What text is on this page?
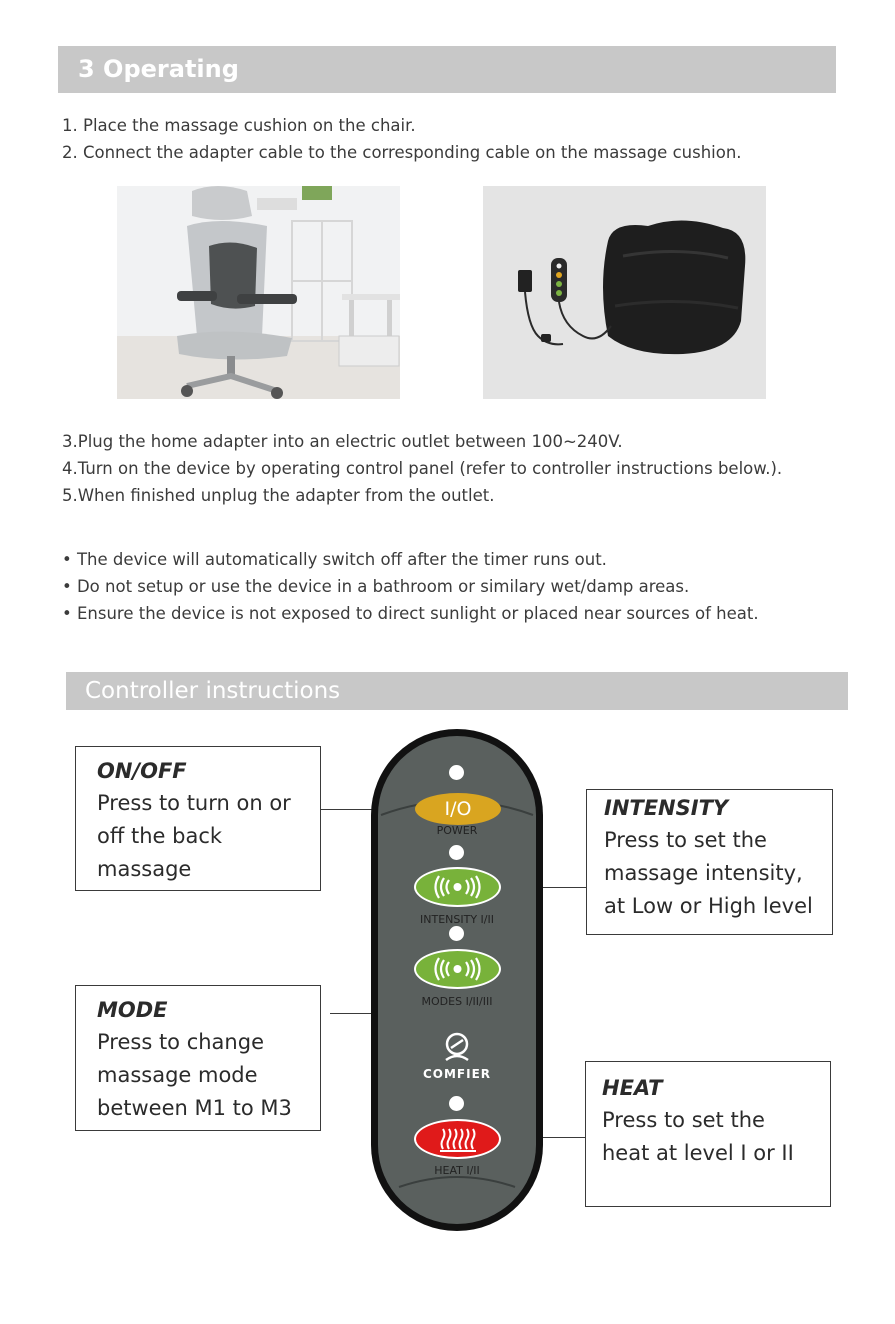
3 Operating
1. Place the massage cushion on the chair.
2. Connect the adapter cable to the corresponding cable on the massage cushion.
3.Plug the home adapter into an electric outlet between 100~240V.
4.Turn on the device by operating control panel (refer to controller instructions below.).
5.When finished unplug the adapter from the outlet.
• The device will automatically switch off after the timer runs out.
• Do not setup or use the device in a bathroom or similary wet/damp areas.
• Ensure the device is not exposed to direct sunlight or placed near sources of heat.
Controller instructions
ON/OFF
Press to turn on or
off the back
massage
INTENSITY
Press to set the
massage intensity,
at Low or High level
MODE
Press to change
massage mode
between M1 to M3
HEAT
Press to set the
heat at level I or II
I/O
POWER
INTENSITY I/II
MODES I/II/III
COMFIER
HEAT I/II
